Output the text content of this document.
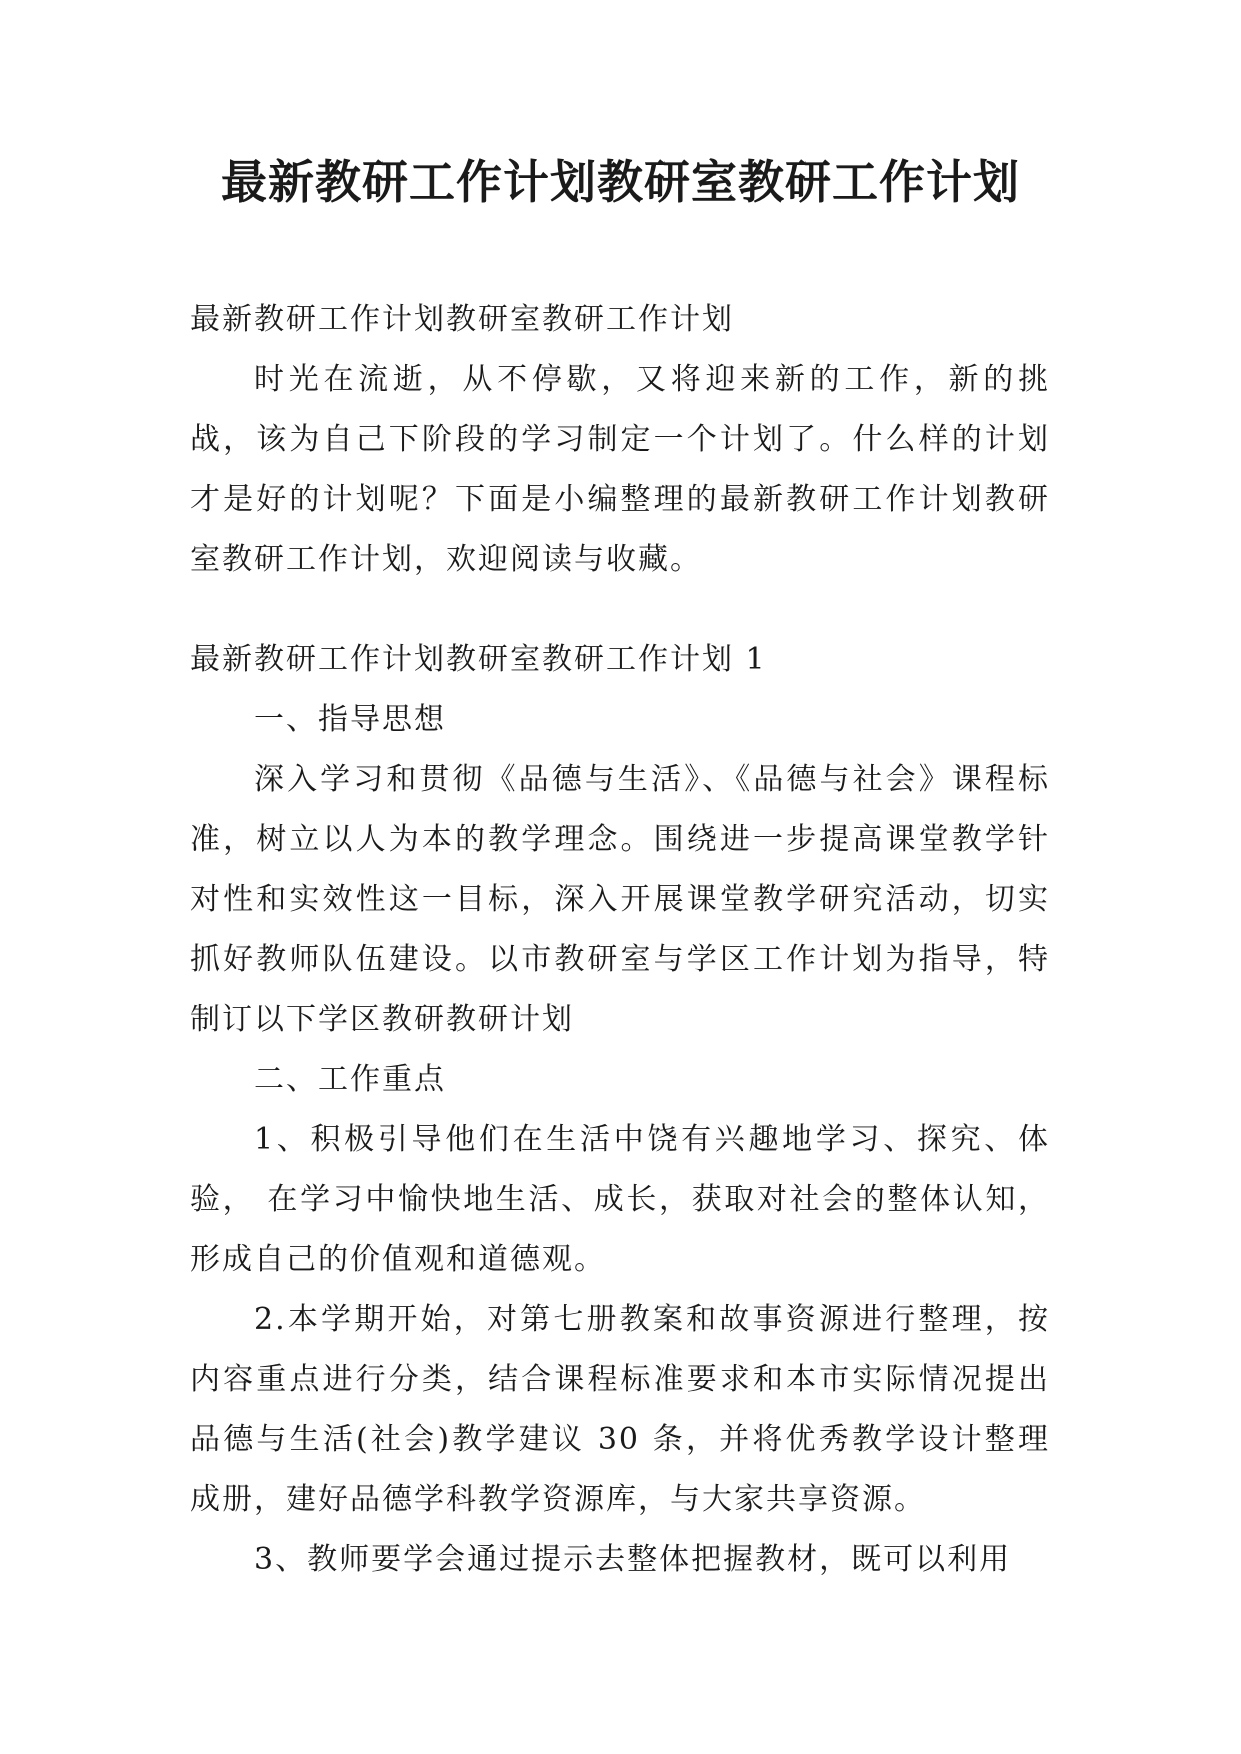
最新教研工作计划教研室教研工作计划

最新教研工作计划教研室教研工作计划

时光在流逝，从不停歇，又将迎来新的工作，新的挑战，该为自己下阶段的学习制定一个计划了。什么样的计划才是好的计划呢？下面是小编整理的最新教研工作计划教研室教研工作计划，欢迎阅读与收藏。

最新教研工作计划教研室教研工作计划 1

一、指导思想

深入学习和贯彻《品德与生活》、《品德与社会》课程标准，树立以人为本的教学理念。围绕进一步提高课堂教学针对性和实效性这一目标，深入开展课堂教学研究活动，切实抓好教师队伍建设。以市教研室与学区工作计划为指导，特制订以下学区教研教研计划

二、工作重点

1、积极引导他们在生活中饶有兴趣地学习、探究、体验， 在学习中愉快地生活、成长，获取对社会的整体认知，形成自己的价值观和道德观。

2.本学期开始，对第七册教案和故事资源进行整理，按内容重点进行分类，结合课程标准要求和本市实际情况提出品德与生活(社会)教学建议 30 条，并将优秀教学设计整理成册，建好品德学科教学资源库，与大家共享资源。

3、教师要学会通过提示去整体把握教材，既可以利用
